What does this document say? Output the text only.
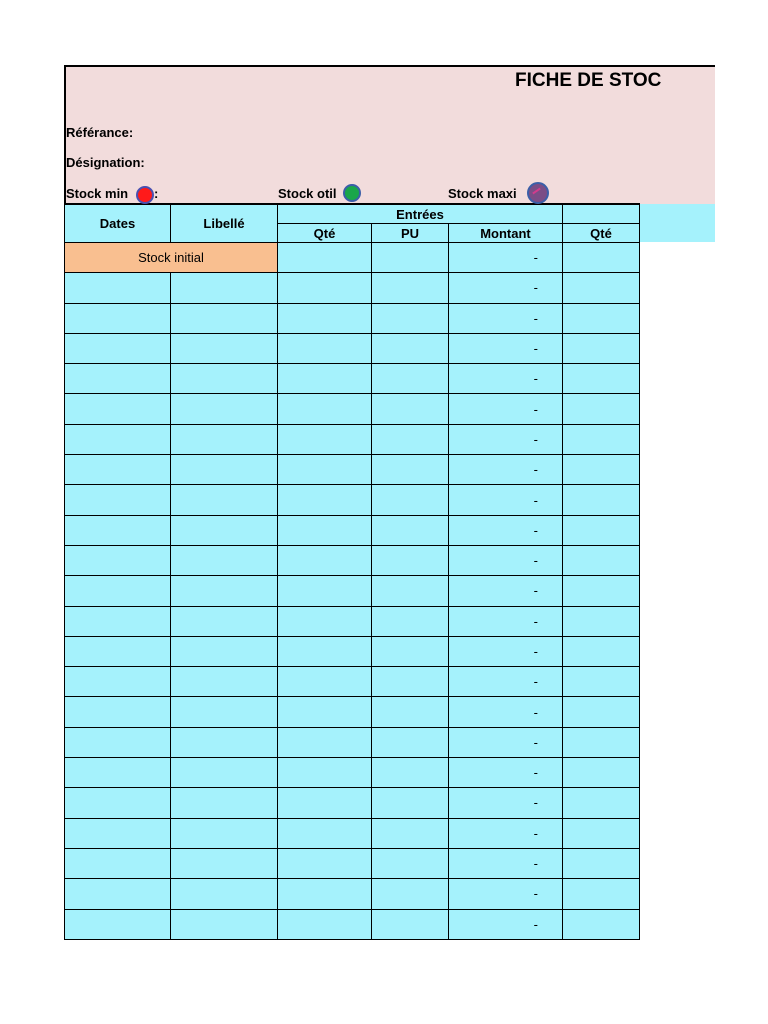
FICHE DE STOC
Référance:
Désignation:
Stock min :	Stock otil	Stock maxi
Dates	Libellé	Entrées			
		Qté	PU	Montant	Qté
Stock initial				-	
				-	
				-	
				-	
				-	
				-	
				-	
				-	
				-	
				-	
				-	
				-	
				-	
				-	
				-	
				-	
				-	
				-	
				-	
				-	
				-	
				-	
				-	
